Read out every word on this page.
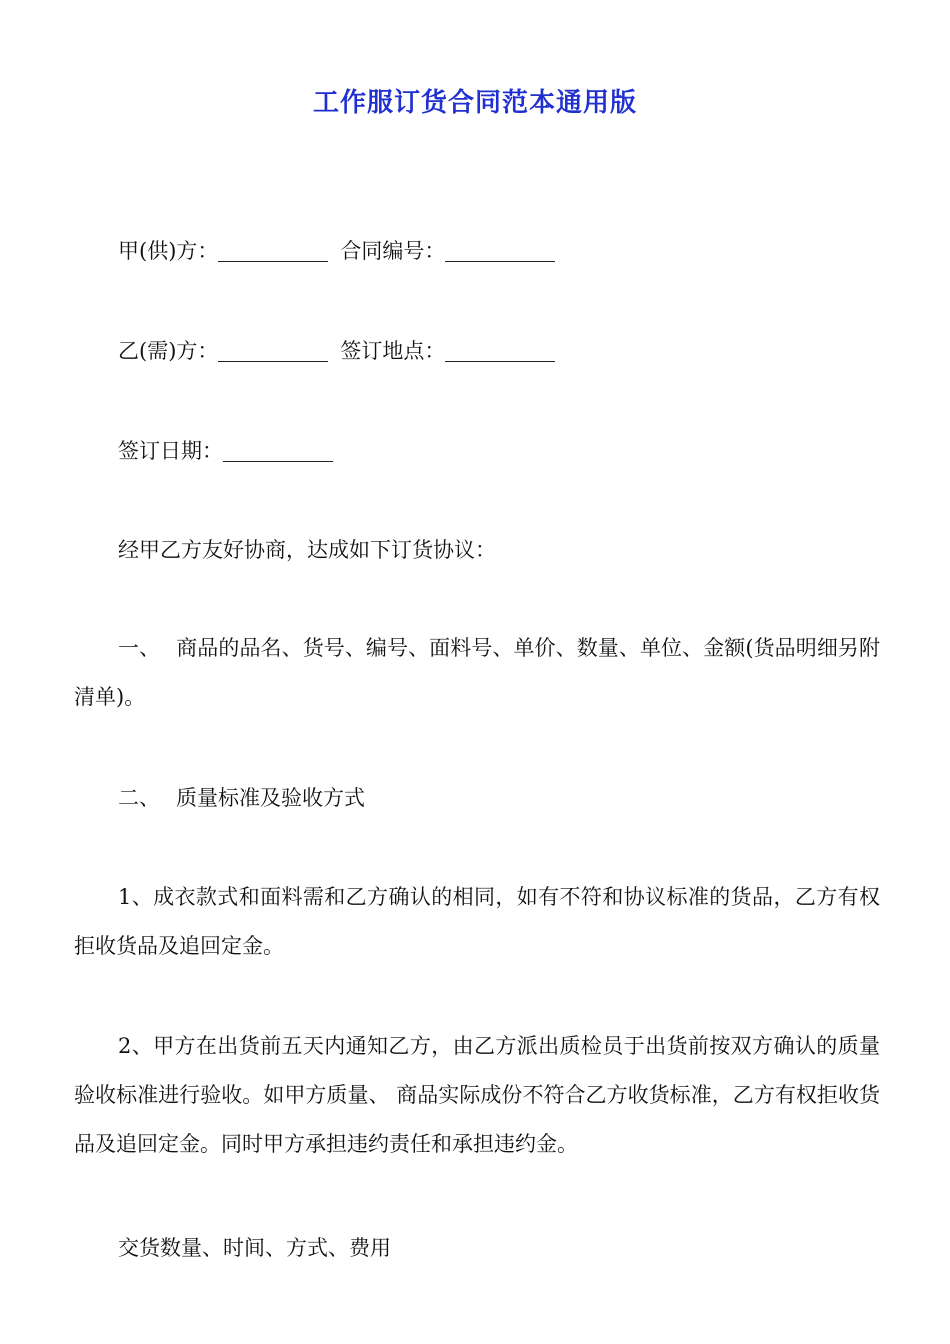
工作服订货合同范本通用版
甲(供)方：	合同编号：
乙(需)方：	签订地点：
签订日期：
经甲乙方友好协商，达成如下订货协议：
一、 商品的品名、货号、编号、面料号、单价、数量、单位、金额(货品明细另附清单)。
二、 质量标准及验收方式
1、成衣款式和面料需和乙方确认的相同，如有不符和协议标准的货品，乙方有权拒收货品及追回定金。
2、甲方在出货前五天内通知乙方，由乙方派出质检员于出货前按双方确认的质量验收标准进行验收。如甲方质量、 商品实际成份不符合乙方收货标准，乙方有权拒收货品及追回定金。同时甲方承担违约责任和承担违约金。
交货数量、时间、方式、费用
